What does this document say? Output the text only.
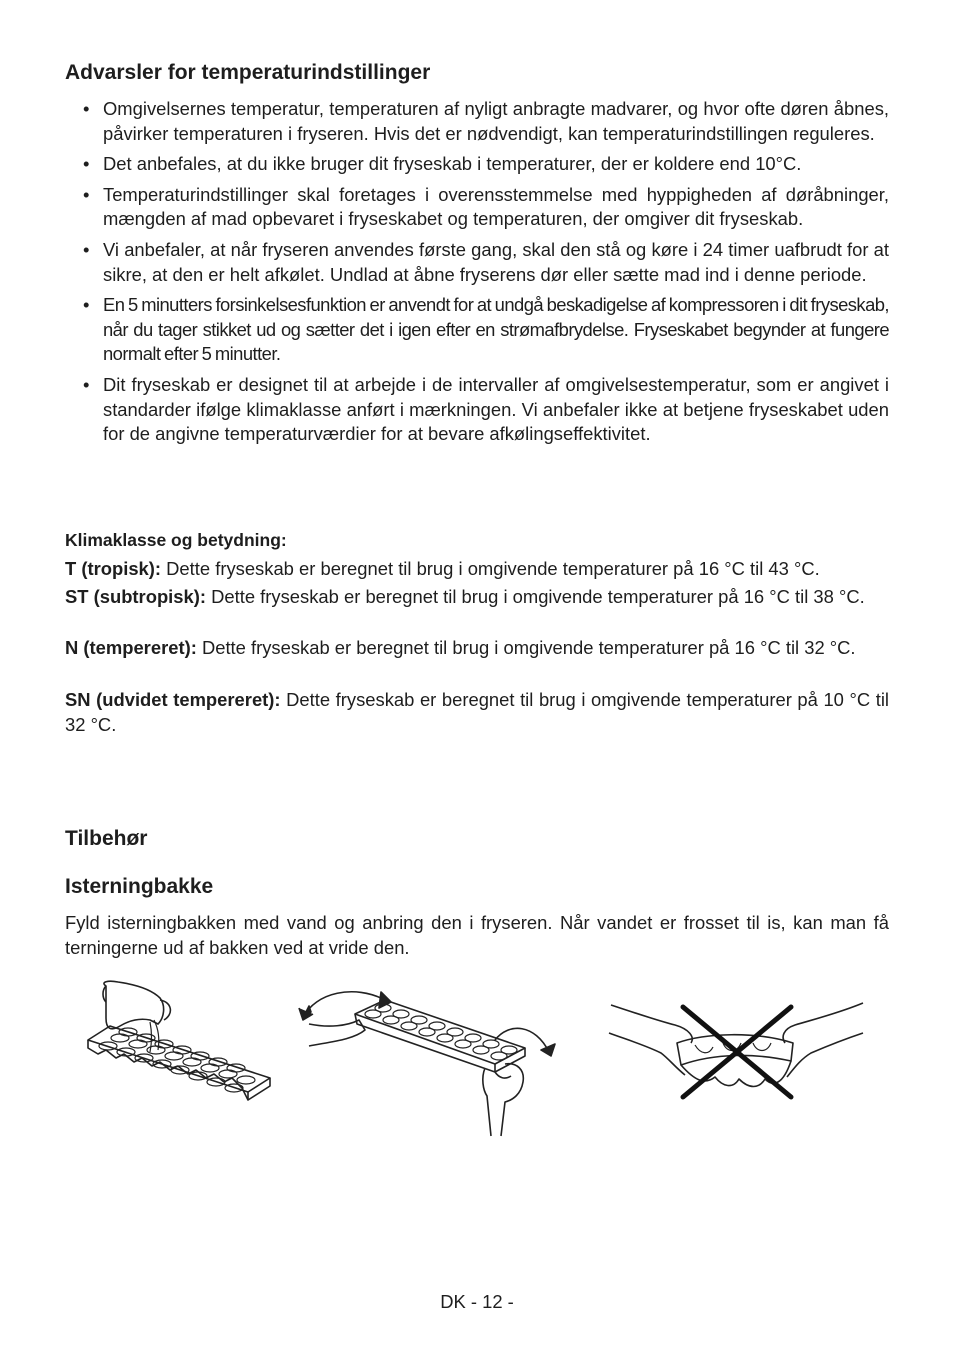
Advarsler for temperaturindstillinger
• Omgivelsernes temperatur, temperaturen af nyligt anbragte madvarer, og hvor ofte døren åbnes, påvirker temperaturen i fryseren. Hvis det er nødvendigt, kan temperaturindstillingen reguleres.
• Det anbefales, at du ikke bruger dit fryseskab i temperaturer, der er koldere end 10°C.
• Temperaturindstillinger skal foretages i overensstemmelse med hyppigheden af døråbninger, mængden af mad opbevaret i fryseskabet og temperaturen, der omgiver dit fryseskab.
• Vi anbefaler, at når fryseren anvendes første gang, skal den stå og køre i 24 timer uafbrudt for at sikre, at den er helt afkølet. Undlad at åbne fryserens dør eller sætte mad ind i denne periode.
• En 5 minutters forsinkelsesfunktion er anvendt for at undgå beskadigelse af kompressoren i dit fryseskab, når du tager stikket ud og sætter det i igen efter en strømafbrydelse. Fryseskabet begynder at fungere normalt efter 5 minutter.
• Dit fryseskab er designet til at arbejde i de intervaller af omgivelsestemperatur, som er angivet i standarder ifølge klimaklasse anført i mærkningen. Vi anbefaler ikke at betjene fryseskabet uden for de angivne temperaturværdier for at bevare afkølingseffektivitet.
Klimaklasse og betydning:
T (tropisk): Dette fryseskab er beregnet til brug i omgivende temperaturer på 16 °C til 43 °C.
ST (subtropisk): Dette fryseskab er beregnet til brug i omgivende temperaturer på 16 °C til 38 °C.
N (tempereret): Dette fryseskab er beregnet til brug i omgivende temperaturer på 16 °C til 32 °C.
SN (udvidet tempereret): Dette fryseskab er beregnet til brug i omgivende temperaturer på 10 °C til 32 °C.
Tilbehør
Isterningbakke
Fyld isterningbakken med vand og anbring den i fryseren. Når vandet er frosset til is, kan man få terningerne ud af bakken ved at vride den.
DK - 12 -
